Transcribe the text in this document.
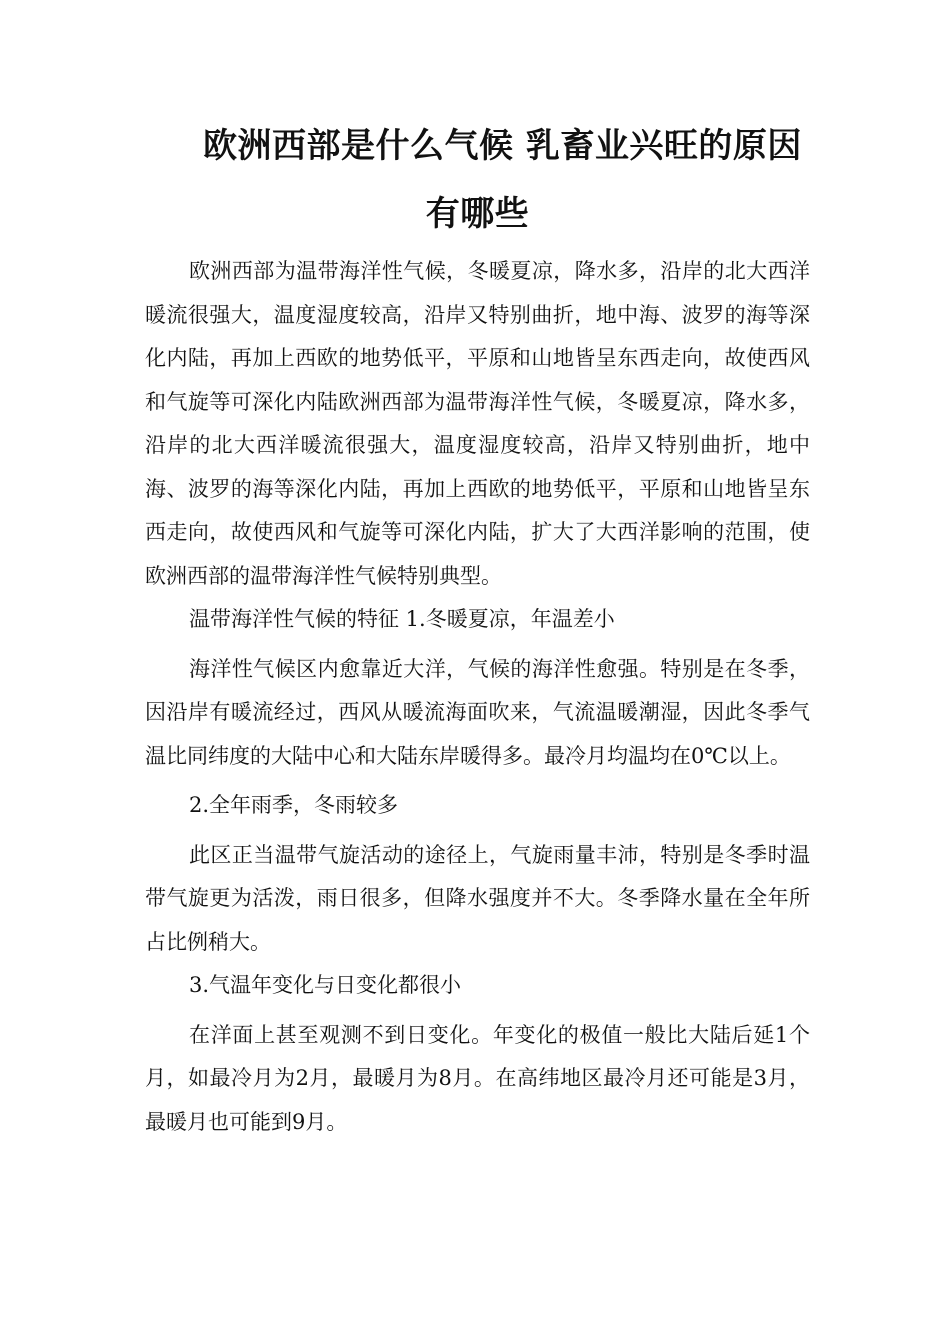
欧洲西部是什么气候 乳畜业兴旺的原因
有哪些

欧洲西部为温带海洋性气候，冬暖夏凉，降水多，沿岸的北大西洋暖流很强大，温度湿度较高，沿岸又特别曲折，地中海、波罗的海等深化内陆，再加上西欧的地势低平，平原和山地皆呈东西走向，故使西风和气旋等可深化内陆欧洲西部为温带海洋性气候，冬暖夏凉，降水多，沿岸的北大西洋暖流很强大，温度湿度较高，沿岸又特别曲折，地中海、波罗的海等深化内陆，再加上西欧的地势低平，平原和山地皆呈东西走向，故使西风和气旋等可深化内陆，扩大了大西洋影响的范围，使欧洲西部的温带海洋性气候特别典型。

温带海洋性气候的特征 1.冬暖夏凉，年温差小

海洋性气候区内愈靠近大洋，气候的海洋性愈强。特别是在冬季，因沿岸有暖流经过，西风从暖流海面吹来，气流温暖潮湿，因此冬季气温比同纬度的大陆中心和大陆东岸暖得多。最冷月均温均在0℃以上。

2.全年雨季，冬雨较多

此区正当温带气旋活动的途径上，气旋雨量丰沛，特别是冬季时温带气旋更为活泼，雨日很多，但降水强度并不大。冬季降水量在全年所占比例稍大。

3.气温年变化与日变化都很小

在洋面上甚至观测不到日变化。年变化的极值一般比大陆后延1个月，如最冷月为2月，最暖月为8月。在高纬地区最冷月还可能是3月，最暖月也可能到9月。
